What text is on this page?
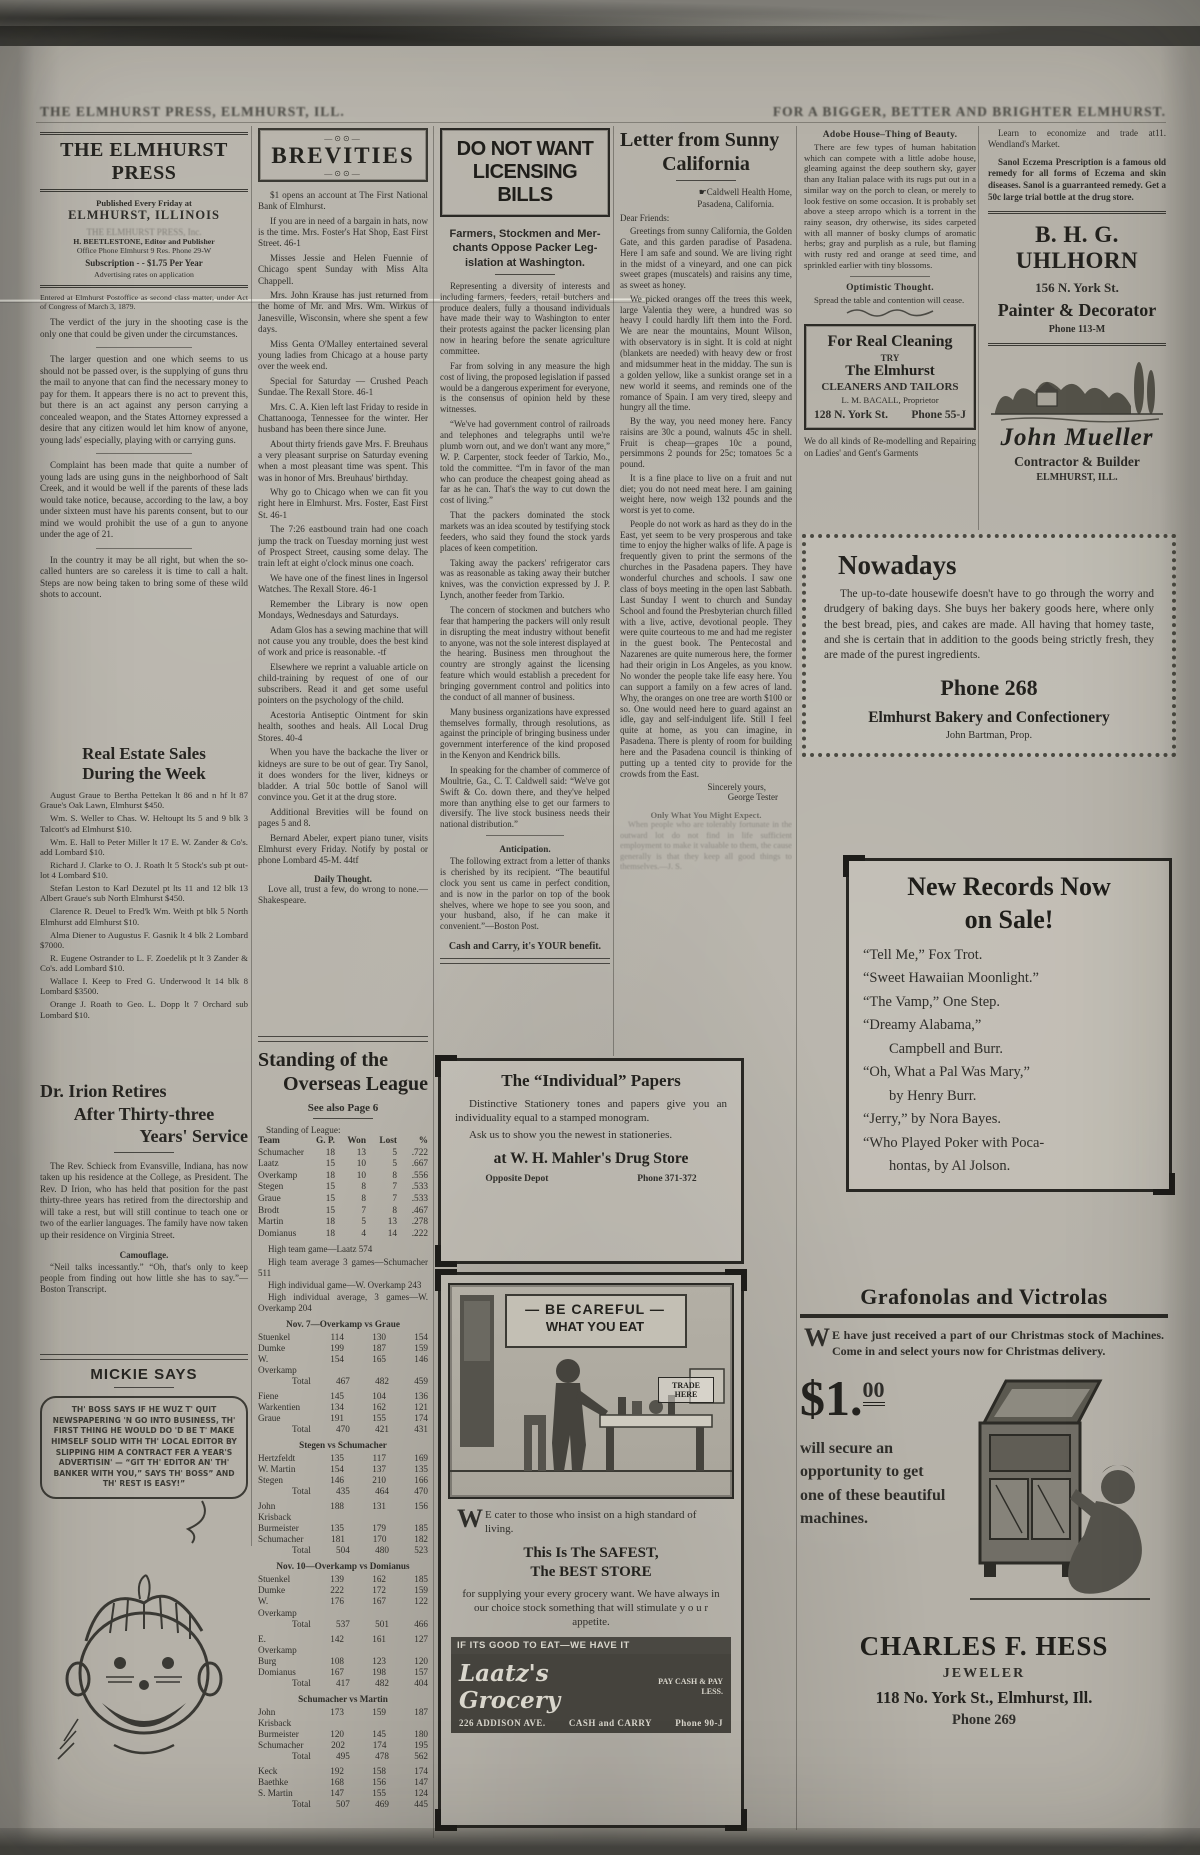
THE ELMHURST PRESS, ELMHURST, ILL.	FOR A BIGGER, BETTER AND BRIGHTER ELMHURST.
THE ELMHURST PRESS
Published Every Friday at
ELMHURST, ILLINOIS
THE ELMHURST PRESS, Inc.
H. BEETLESTONE, Editor and Publisher
Office Phone Elmhurst 9 Res. Phone 29-W
Subscription - - $1.75 Per Year
Advertising rates on application
Entered at Elmhurst Postoffice as second class matter, under Act of Congress of March 3, 1879.

The verdict of the jury in the shooting case is the only one that could be given under the circumstances.

The larger question and one which seems to us should not be passed over, is the supplying of guns thru the mail to anyone that can find the necessary money to pay for them. It appears there is no act to prevent this, but there is an act against any person carrying a concealed weapon, and the States Attorney expressed a desire that any citizen would let him know of anyone, young lads' especially, playing with or carrying guns.

Complaint has been made that quite a number of young lads are using guns in the neighborhood of Salt Creek, and it would be well if the parents of these lads would take notice, because, according to the law, a boy under sixteen must have his parents consent, but to our mind we would prohibit the use of a gun to anyone under the age of 21.

In the country it may be all right, but when the so-called hunters are so careless it is time to call a halt. Steps are now being taken to bring some of these wild shots to account.

Real Estate Sales
During the Week

August Graue to Bertha Pettekan lt 86 and n hf lt 87 Graue's Oak Lawn, Elmhurst $450.

Wm. S. Weller to Chas. W. Heltoupt lts 5 and 9 blk 3 Talcott's ad Elmhurst $10.

Wm. E. Hall to Peter Miller lt 17 E. W. Zander & Co's. add Lombard $10.

Richard J. Clarke to O. J. Roath lt 5 Stock's sub pt out-lot 4 Lombard $10.

Stefan Leston to Karl Dezutel pt lts 11 and 12 blk 13 Albert Graue's sub North Elmhurst $450.

Clarence R. Deuel to Fred'k Wm. Weith pt blk 5 North Elmhurst add Elmhurst $10.

Alma Diener to Augustus F. Gasnik lt 4 blk 2 Lombard $7000.

R. Eugene Ostrander to L. F. Zoedelik pt lt 3 Zander & Co's. add Lombard $10.

Wallace I. Keep to Fred G. Underwood lt 14 blk 8 Lombard $3500.

Orange J. Roath to Geo. L. Dopp lt 7 Orchard sub Lombard $10.

Dr. Irion Retires
After Thirty-three
Years' Service

The Rev. Schieck from Evansville, Indiana, has now taken up his residence at the College, as President. The Rev. D Irion, who has held that position for the past thirty-three years has retired from the directorship and will take a rest, but will still continue to teach one or two of the earlier languages. The family have now taken up their residence on Virginia Street.

Camouflage.

“Neil talks incessantly.” “Oh, that's only to keep people from finding out how little she has to say.”—Boston Transcript.

MICKIE SAYS
TH' BOSS SAYS IF HE WUZ T' QUIT NEWSPAPERING 'N GO INTO BUSINESS, TH' FIRST THING HE WOULD DO 'D BE T' MAKE HIMSELF SOLID WITH TH' LOCAL EDITOR BY SLIPPING HIM A CONTRACT FER A YEAR'S ADVERTISIN' — “GIT TH' EDITOR AN' TH' BANKER WITH YOU,” SAYS TH' BOSS” AND TH' REST IS EASY!”
—⊙⊙—
BREVITIES
—⊙⊙—

$1 opens an account at The First National Bank of Elmhurst.

If you are in need of a bargain in hats, now is the time. Mrs. Foster's Hat Shop, East First Street. 46-1

Misses Jessie and Helen Fuennie of Chicago spent Sunday with Miss Alta Chappell.

Mrs. John Krause has just returned from the home of Mr. and Mrs. Wm. Wirkus of Janesville, Wisconsin, where she spent a few days.

Miss Genta O'Malley entertained several young ladies from Chicago at a house party over the week end.

Special for Saturday — Crushed Peach Sundae. The Rexall Store. 46-1

Mrs. C. A. Kien left last Friday to reside in Chattanooga, Tennessee for the winter. Her husband has been there since June.

About thirty friends gave Mrs. F. Breuhaus a very pleasant surprise on Saturday evening when a most pleasant time was spent. This was in honor of Mrs. Breuhaus' birthday.

Why go to Chicago when we can fit you right here in Elmhurst. Mrs. Foster, East First St. 46-1

The 7:26 eastbound train had one coach jump the track on Tuesday morning just west of Prospect Street, causing some delay. The train left at eight o'clock minus one coach.

We have one of the finest lines in Ingersol Watches. The Rexall Store. 46-1

Remember the Library is now open Mondays, Wednesdays and Saturdays.

Adam Glos has a sewing machine that will not cause you any trouble, does the best kind of work and price is reasonable. -tf

Elsewhere we reprint a valuable article on child-training by request of one of our subscribers. Read it and get some useful pointers on the psychology of the child.

Acestoria Antiseptic Ointment for skin health, soothes and heals. All Local Drug Stores. 40-4

When you have the backache the liver or kidneys are sure to be out of gear. Try Sanol, it does wonders for the liver, kidneys or bladder. A trial 50c bottle of Sanol will convince you. Get it at the drug store.

Additional Brevities will be found on pages 5 and 8.

Bernard Abeler, expert piano tuner, visits Elmhurst every Friday. Notify by postal or phone Lombard 45-M. 44tf

Daily Thought.

Love all, trust a few, do wrong to none.—Shakespeare.

Standing of the
Overseas League
See also Page 6
Standing of League:
Team	G. P.	Won	Lost	%
Schumacher	18	13	5	.722
Laatz	15	10	5	.667
Overkamp	18	10	8	.556
Stegen	15	8	7	.533
Graue	15	8	7	.533
Brodt	15	7	8	.467
Martin	18	5	13	.278
Domianus	18	4	14	.222

High team game—Laatz 574

High team average 3 games—Schumacher 511

High individual game—W. Overkamp 243

High individual average, 3 games—W. Overkamp 204

Nov. 7—Overkamp vs Graue
Stuenkel	114	130	154
Dumke	199	187	159
W. Overkamp
154	165	146
Total	467	482	459
Fiene	145	104	136
Warkentien	134	162	121
Graue	191	155	174
Total	470	421	431
Stegen vs Schumacher
Hertzfeldt	135	117	169
W. Martin	154	137	135
Stegen	146	210	166
Total	435	464	470
John Krisback
188	131	156
Burmeister	135	179	185
Schumacher	181	170	182
Total	504	480	523
Nov. 10—Overkamp vs Domianus
Stuenkel	139	162	185
Dumke	222	172	159
W. Overkamp
176	167	122
Total	537	501	466
E. Overkamp
142	161	127
Burg	108	123	120
Domianus	167	198	157
Total	417	482	404
Schumacher vs Martin
John Krisback
173	159	187
Burmeister	120	145	180
Schumacher	202	174	195
Total	495	478	562
Keck	192	158	174
Baethke	168	156	147
S. Martin	147	155	124
Total	507	469	445
DO NOT WANT
LICENSING BILLS
Farmers, Stockmen and Mer-
chants Oppose Packer Leg-
islation at Washington.

Representing a diversity of interests and including farmers, feeders, retail butchers and produce dealers, fully a thousand individuals have made their way to Washington to enter their protests against the packer licensing plan now in hearing before the senate agriculture committee.

Far from solving in any measure the high cost of living, the proposed legislation if passed would be a dangerous experiment for everyone, is the consensus of opinion held by these witnesses.

“We've had government control of railroads and telephones and telegraphs until we're plumb worn out, and we don't want any more,” W. P. Carpenter, stock feeder of Tarkio, Mo., told the committee. “I'm in favor of the man who can produce the cheapest going ahead as far as he can. That's the way to cut down the cost of living.”

That the packers dominated the stock markets was an idea scouted by testifying stock feeders, who said they found the stock yards places of keen competition.

Taking away the packers' refrigerator cars was as reasonable as taking away their butcher knives, was the conviction expressed by J. P. Lynch, another feeder from Tarkio.

The concern of stockmen and butchers who fear that hampering the packers will only result in disrupting the meat industry without benefit to anyone, was not the sole interest displayed at the hearing. Business men throughout the country are strongly against the licensing feature which would establish a precedent for bringing government control and politics into the conduct of all manner of business.

Many business organizations have expressed themselves formally, through resolutions, as against the principle of bringing business under government interference of the kind proposed in the Kenyon and Kendrick bills.

In speaking for the chamber of commerce of Moultrie, Ga., C. T. Caldwell said: “We've got Swift & Co. down there, and they've helped more than anything else to get our farmers to diversify. The live stock business needs their national distribution.”

Anticipation.

The following extract from a letter of thanks is cherished by its recipient. “The beautiful clock you sent us came in perfect condition, and is now in the parlor on top of the book shelves, where we hope to see you soon, and your husband, also, if he can make it convenient.”—Boston Post.

Cash and Carry, it's YOUR benefit.
Letter from Sunny
California
☛Caldwell Health Home,
Pasadena, California.
Dear Friends:

Greetings from sunny California, the Golden Gate, and this garden paradise of Pasadena. Here I am safe and sound. We are living right in the midst of a vineyard, and one can pick sweet grapes (muscatels) and raisins any time, as sweet as honey.

We picked oranges off the trees this week, large Valentia they were, a hundred was so heavy I could hardly lift them into the Ford. We are near the mountains, Mount Wilson, with observatory is in sight. It is cold at night (blankets are needed) with heavy dew or frost and midsummer heat in the midday. The sun is a golden yellow, like a sunkist orange set in a new world it seems, and reminds one of the romance of Spain. I am very tired, sleepy and hungry all the time.

By the way, you need money here. Fancy raisins are 30c a pound, walnuts 45c in shell. Fruit is cheap—grapes 10c a pound, persimmons 2 pounds for 25c; tomatoes 5c a pound.

It is a fine place to live on a fruit and nut diet; you do not need meat here. I am gaining weight here, now weigh 132 pounds and the worst is yet to come.

People do not work as hard as they do in the East, yet seem to be very prosperous and take time to enjoy the higher walks of life. A page is frequently given to print the sermons of the churches in the Pasadena papers. They have wonderful churches and schools. I saw one class of boys meeting in the open last Sabbath. Last Sunday I went to church and Sunday School and found the Presbyterian church filled with a live, active, devotional people. They were quite courteous to me and had me register in the guest book. The Pentecostal and Nazarenes are quite numerous here, the former had their origin in Los Angeles, as you know. No wonder the people take life easy here. You can support a family on a few acres of land. Why, the oranges on one tree are worth $100 or so. One would need here to guard against an idle, gay and self-indulgent life. Still I feel quite at home, as you can imagine, in Pasadena. There is plenty of room for building here and the Pasadena council is thinking of putting up a tented city to provide for the crowds from the East.

Sincerely yours,
George Tester
Only What You Might Expect.

When people who are tolerably fortunate in the outward lot do not find in life sufficient employment to make it valuable to them, the cause generally is that they keep all good things to themselves.—J. S.

The “Individual” Papers

Distinctive Stationery tones and papers give you an individuality equal to a stamped monogram.

Ask us to show you the newest in stationeries.

at W. H. Mahler's Drug Store
Opposite Depot	Phone 371-372
— BE CAREFUL —
WHAT YOU EAT
TRADE HERE

W E cater to those who insist on a high standard of living.

This Is The SAFEST,
The BEST STORE

for supplying your every grocery want. We have always in our choice stock something that will stimulate y o u r appetite.

IF ITS GOOD TO EAT—WE HAVE IT
Laatz's Grocery
PAY CASH & PAY LESS.
226 ADDISON AVE.	CASH and CARRY	Phone 90-J
Adobe House–Thing of Beauty.

There are few types of human habitation which can compete with a little adobe house, gleaming against the deep southern sky, gayer than any Italian palace with its rugs put out in a similar way on the porch to clean, or merely to look festive on some occasion. It is probably set above a steep arropo which is a torrent in the rainy season, dry otherwise, its sides carpeted with all manner of bosky clumps of aromatic herbs; gray and purplish as a rule, but flaming with rusty red and orange at seed time, and sprinkled earlier with tiny blossoms.

Optimistic Thought.

Spread the table and contention will cease.

For Real Cleaning
TRY
The Elmhurst
CLEANERS AND TAILORS
L. M. BACALL, Proprietor
128 N. York St. Phone 55-J

We do all kinds of Re-modelling and Repairing on Ladies' and Gent's Garments

Learn to economize and trade at Wendland's Market.
11.

Sanol Eczema Prescription is a famous old remedy for all forms of Eczema and skin diseases. Sanol is a guarranteed remedy. Get a 50c large trial bottle at the drug store.

B. H. G. UHLHORN
156 N. York St.
Painter & Decorator
Phone 113-M
John Mueller
Contractor & Builder
ELMHURST, ILL.
Nowadays

The up-to-date housewife doesn't have to go through the worry and drudgery of baking days. She buys her bakery goods here, where only the best bread, pies, and cakes are made. All having that homey taste, and she is certain that in addition to the goods being strictly fresh, they are made of the purest ingredients.

Phone 268
Elmhurst Bakery and Confectionery
John Bartman, Prop.
New Records Now
on Sale!
“Tell Me,” Fox Trot.
“Sweet Hawaiian Moonlight.”
“The Vamp,” One Step.
“Dreamy Alabama,”
Campbell and Burr.
“Oh, What a Pal Was Mary,”
by Henry Burr.
“Jerry,” by Nora Bayes.
“Who Played Poker with Poca-
hontas, by Al Jolson.
Grafonolas and Victrolas

W E have just received a part of our Christmas stock of Machines. Come in and select yours now for Christmas delivery.

$1.00

will secure an opportunity to get one of these beautiful machines.

CHARLES F. HESS
JEWELER
118 No. York St., Elmhurst, Ill.
Phone 269
